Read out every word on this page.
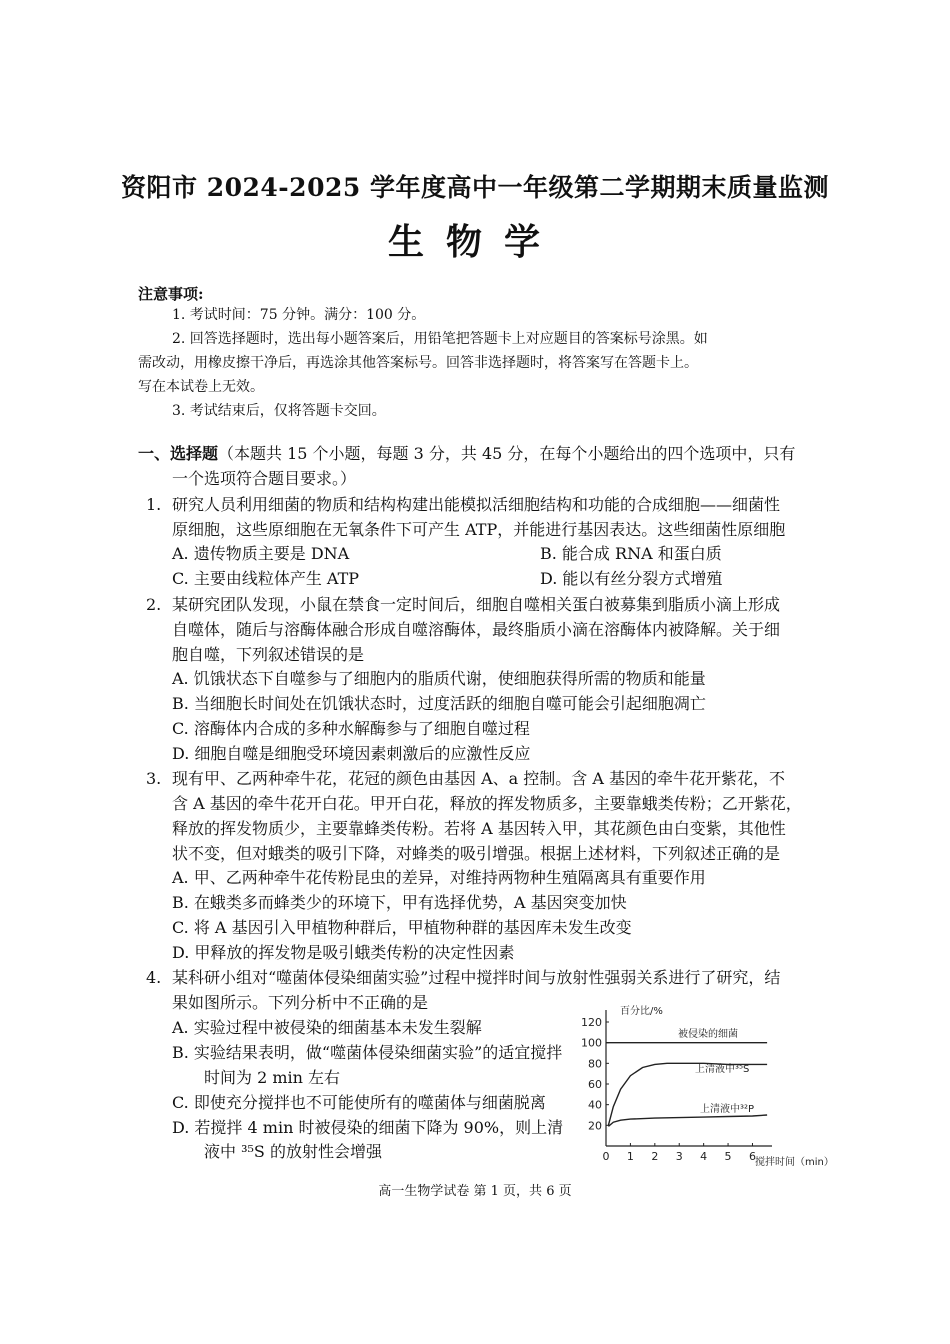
资阳市 2024-2025 学年度高中一年级第二学期期末质量监测
生物学
注意事项:
1. 考试时间：75 分钟。满分：100 分。
2. 回答选择题时，选出每小题答案后，用铅笔把答题卡上对应题目的答案标号涂黑。如
需改动，用橡皮擦干净后，再选涂其他答案标号。回答非选择题时，将答案写在答题卡上。
写在本试卷上无效。
3. 考试结束后，仅将答题卡交回。
一、选择题（本题共 15 个小题，每题 3 分，共 45 分，在每个小题给出的四个选项中，只有
一个选项符合题目要求。）
1. 研究人员利用细菌的物质和结构构建出能模拟活细胞结构和功能的合成细胞——细菌性
原细胞，这些原细胞在无氧条件下可产生 ATP，并能进行基因表达。这些细菌性原细胞
A. 遗传物质主要是 DNA	B. 能合成 RNA 和蛋白质
C. 主要由线粒体产生 ATP	D. 能以有丝分裂方式增殖
2. 某研究团队发现，小鼠在禁食一定时间后，细胞自噬相关蛋白被募集到脂质小滴上形成
自噬体，随后与溶酶体融合形成自噬溶酶体，最终脂质小滴在溶酶体内被降解。关于细
胞自噬，下列叙述错误的是
A. 饥饿状态下自噬参与了细胞内的脂质代谢，使细胞获得所需的物质和能量
B. 当细胞长时间处在饥饿状态时，过度活跃的细胞自噬可能会引起细胞凋亡
C. 溶酶体内合成的多种水解酶参与了细胞自噬过程
D. 细胞自噬是细胞受环境因素刺激后的应激性反应
3. 现有甲、乙两种牵牛花，花冠的颜色由基因 A、a 控制。含 A 基因的牵牛花开紫花，不
含 A 基因的牵牛花开白花。甲开白花，释放的挥发物质多，主要靠蛾类传粉；乙开紫花，
释放的挥发物质少，主要靠蜂类传粉。若将 A 基因转入甲，其花颜色由白变紫，其他性
状不变，但对蛾类的吸引下降，对蜂类的吸引增强。根据上述材料，下列叙述正确的是
A. 甲、乙两种牵牛花传粉昆虫的差异，对维持两物种生殖隔离具有重要作用
B. 在蛾类多而蜂类少的环境下，甲有选择优势，A 基因突变加快
C. 将 A 基因引入甲植物种群后，甲植物种群的基因库未发生改变
D. 甲释放的挥发物是吸引蛾类传粉的决定性因素
4. 某科研小组对“噬菌体侵染细菌实验”过程中搅拌时间与放射性强弱关系进行了研究，结
果如图所示。下列分析中不正确的是
A. 实验过程中被侵染的细菌基本未发生裂解
B. 实验结果表明，做“噬菌体侵染细菌实验”的适宜搅拌
时间为 2 min 左右
C. 即使充分搅拌也不可能使所有的噬菌体与细菌脱离
D. 若搅拌 4 min 时被侵染的细菌下降为 90%，则上清
液中 ³⁵S 的放射性会增强
20
40
60
80
100
120
0 1 2 3 4 5 6
百分比/%
搅拌时间（min）
被侵染的细菌
上清液中³⁵S
上清液中³²P
高一生物学试卷 第 1 页，共 6 页
